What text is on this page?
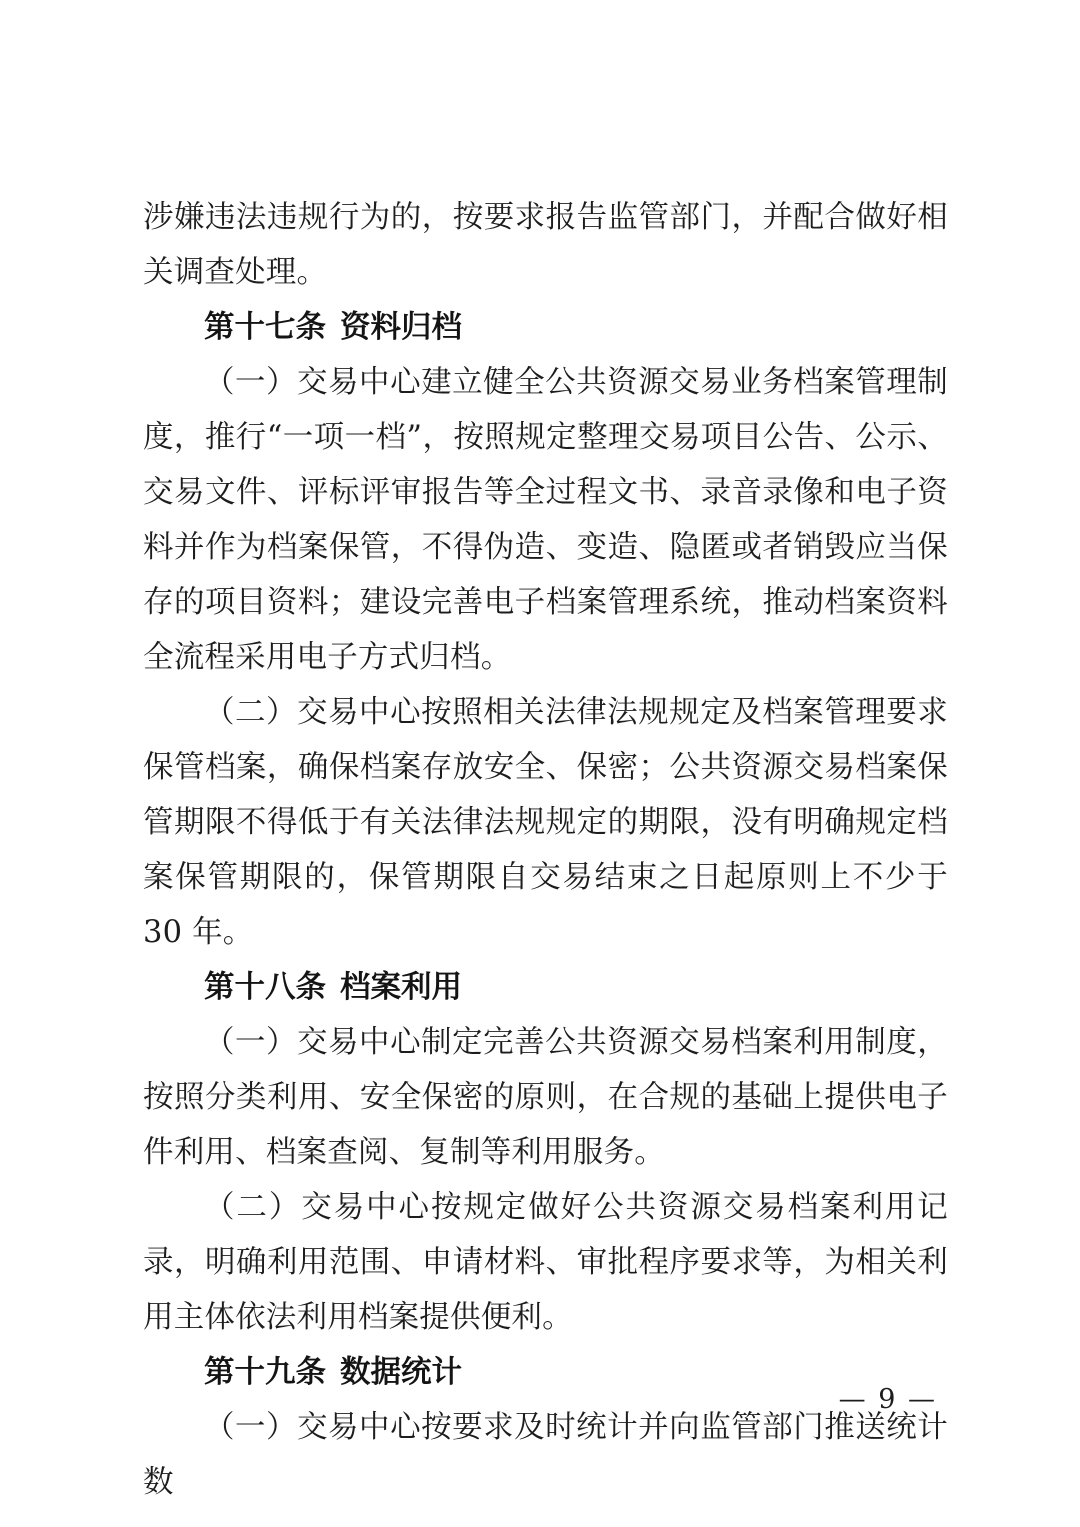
涉嫌违法违规行为的，按要求报告监管部门，并配合做好相关调查处理。

第十七条 资料归档

（一）交易中心建立健全公共资源交易业务档案管理制度，推行“一项一档”，按照规定整理交易项目公告、公示、交易文件、评标评审报告等全过程文书、录音录像和电子资料并作为档案保管，不得伪造、变造、隐匿或者销毁应当保存的项目资料；建设完善电子档案管理系统，推动档案资料全流程采用电子方式归档。

（二）交易中心按照相关法律法规规定及档案管理要求保管档案，确保档案存放安全、保密；公共资源交易档案保管期限不得低于有关法律法规规定的期限，没有明确规定档案保管期限的，保管期限自交易结束之日起原则上不少于 30 年。

第十八条 档案利用

（一）交易中心制定完善公共资源交易档案利用制度，按照分类利用、安全保密的原则，在合规的基础上提供电子件利用、档案查阅、复制等利用服务。

（二）交易中心按规定做好公共资源交易档案利用记录，明确利用范围、申请材料、审批程序要求等，为相关利用主体依法利用档案提供便利。

第十九条 数据统计

（一）交易中心按要求及时统计并向监管部门推送统计数

— 9 —
